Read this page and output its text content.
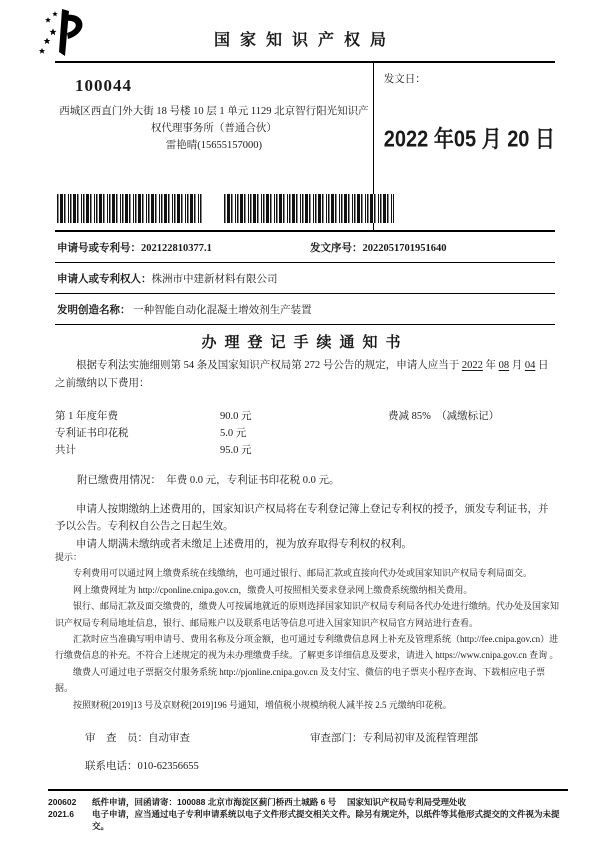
国家知识产权局
100044
西城区西直门外大街 18 号楼 10 层 1 单元 1129 北京智行阳光知识产
权代理事务所（普通合伙）
雷艳晴(15655157000)
发文日：
2022 年05 月 20 日
申请号或专利号：202122810377.1	发文序号：2022051701951640
申请人或专利权人： 株洲市中建新材料有限公司
发明创造名称：
一种智能自动化混凝土增效剂生产装置
办理登记手续通知书

根据专利法实施细则第 54 条及国家知识产权局第 272 号公告的规定，申请人应当于 2022 年 08 月 04 日
之前缴纳以下费用：

第 1 年度年费	90.0 元	费减 85%　（减缴标记）
专利证书印花税	5.0 元
共计	95.0 元

附已缴费用情况：　年费 0.0 元，专利证书印花税 0.0 元。

申请人按期缴纳上述费用的，国家知识产权局将在专利登记簿上登记专利权的授予，颁发专利证书，并予以公告。专利权自公告之日起生效。

申请人期满未缴纳或者未缴足上述费用的，视为放弃取得专利权的权利。

提示：

专利费用可以通过网上缴费系统在线缴纳，也可通过银行、邮局汇款或直接向代办处或国家知识产权局专利局面交。

网上缴费网址为 http://cponline.cnipa.gov.cn，缴费人可按照相关要求登录网上缴费系统缴纳相关费用。

银行、邮局汇款及面交缴费的，缴费人可按属地就近的原则选择国家知识产权局专利局各代办处进行缴纳。代办处及国家知识产权局专利局地址信息，银行、邮局账户以及联系电话等信息可进入国家知识产权局官方网站进行查看。

汇款时应当准确写明申请号、费用名称及分项金额，也可通过专利缴费信息网上补充及管理系统（http://fee.cnipa.gov.cn）进行缴费信息的补充。不符合上述规定的视为未办理缴费手续。了解更多详细信息及要求，请进入 https://www.cnipa.gov.cn 查询 。

缴费人可通过电子票据交付服务系统 http://pjonline.cnipa.gov.cn 及支付宝、微信的电子票夹小程序查询、下载相应电子票据。

按照财税[2019]13 号及京财税[2019]196 号通知，增值税小规模纳税人减半按 2.5 元缴纳印花税。

审　查　员：自动审查	审查部门：专利局初审及流程管理部
联系电话：010-62356655
200602
2021.6
纸件申请，回函请寄：100088 北京市海淀区蓟门桥西土城路 6 号　 国家知识产权局专利局受理处收
电子申请，应当通过电子专利申请系统以电子文件形式提交相关文件。除另有规定外，以纸件等其他形式提交的文件视为未提交。
